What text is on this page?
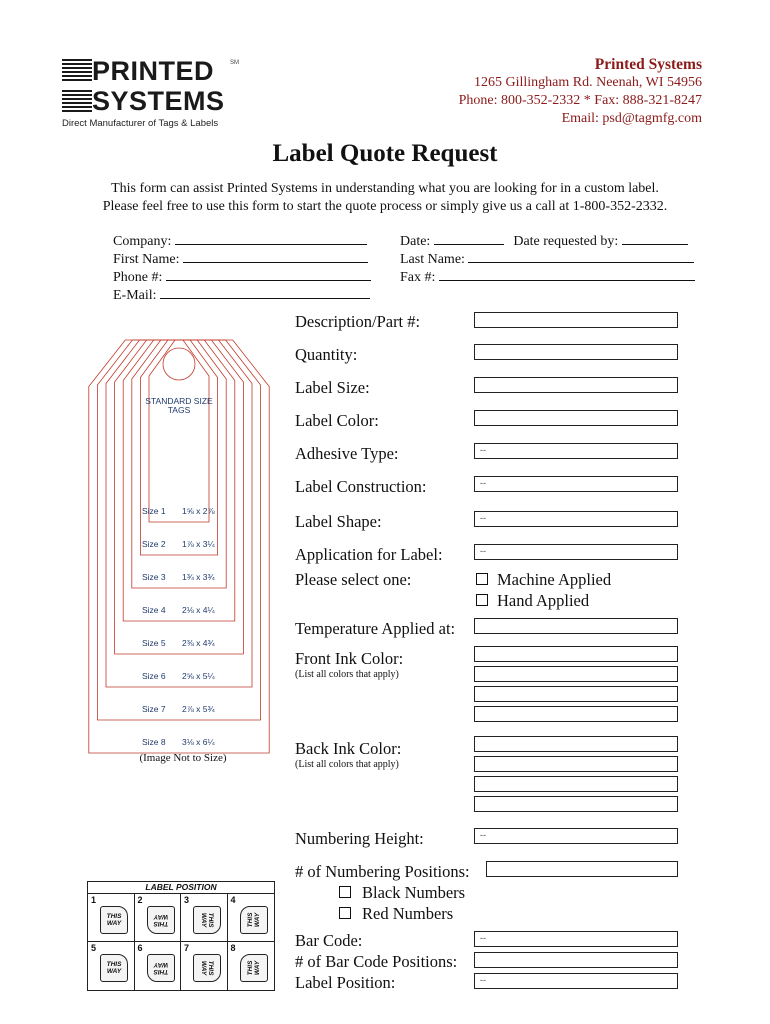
PRINTED
SYSTEMS
SM
Direct Manufacturer of Tags & Labels
Printed Systems
1265 Gillingham Rd. Neenah, WI 54956
Phone: 800-352-2332 * Fax: 888-321-8247
Email: psd@tagmfg.com
Label Quote Request
This form can assist Printed Systems in understanding what you are looking for in a custom label.
Please feel free to use this form to start the quote process or simply give us a call at 1-800-352-2332.
Company:
First Name:
Phone #:
E-Mail:
Date:	Date requested by:
Last Name:
Fax #:
STANDARD SIZE
TAGS
Size 8 3⅛ x 6¼
Size 7 2⅞ x 5¾
Size 6 2⅝ x 5¼
Size 5 2⅜ x 4¾
Size 4 2⅛ x 4¼
Size 3 1¾ x 3¾
Size 2 1⅞ x 3¼
Size 1 1⅝ x 2⅞
(Image Not to Size)
LABEL POSITION
1
THIS WAY
2
THIS WAY
3
THIS WAY
4
THIS WAY
5
THIS WAY
6
THIS WAY
7
THIS WAY
8
THIS WAY
Description/Part #:
Quantity:
Label Size:
Label Color:
Adhesive Type:	--
Label Construction:	--
Label Shape:	--
Application for Label:	--
Please select one:	Machine Applied
Hand Applied
Temperature Applied at:
Front Ink Color:
(List all colors that apply)
Back Ink Color:
(List all colors that apply)
Numbering Height:	--
# of Numbering Positions:
Black Numbers
Red Numbers
Bar Code:	--
# of Bar Code Positions:
Label Position:	--
